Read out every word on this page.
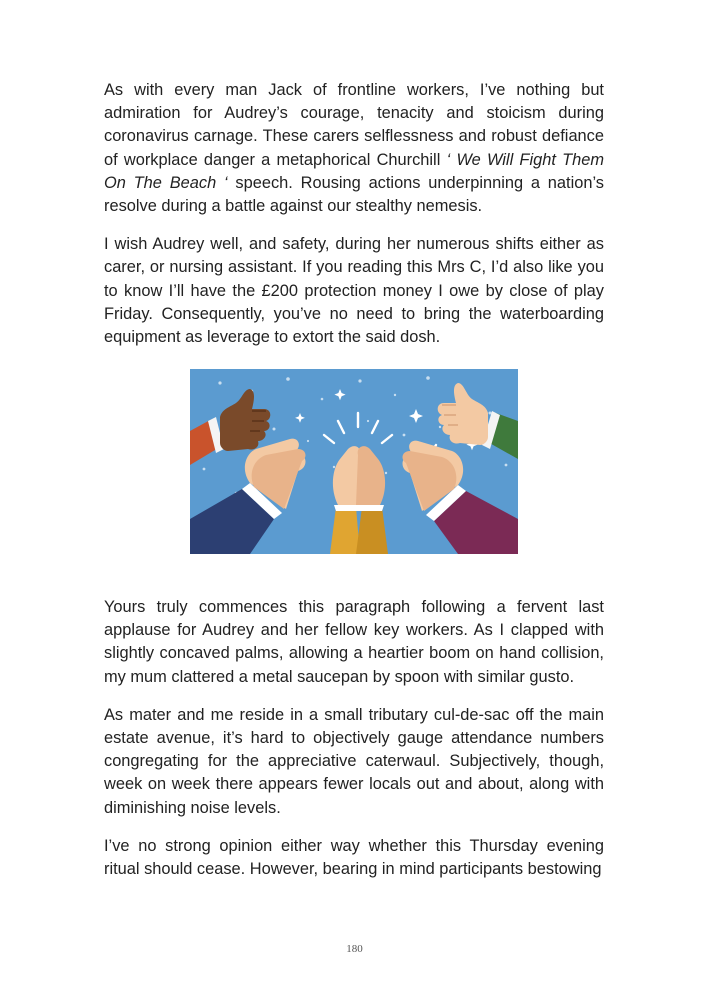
As with every man Jack of frontline workers, I’ve nothing but admiration for Audrey’s courage, tenacity and stoicism during coronavirus carnage. These carers selflessness and robust defiance of workplace danger a metaphorical Churchill ‘ We Will Fight Them On The Beach ‘ speech. Rousing actions underpinning a nation’s resolve during a battle against our stealthy nemesis.

I wish Audrey well, and safety, during her numerous shifts either as carer, or nursing assistant. If you reading this Mrs C, I’d also like you to know I’ll have the £200 protection money I owe by close of play Friday. Consequently, you’ve no need to bring the waterboarding equipment as leverage to extort the said dosh.

Yours truly commences this paragraph following a fervent last applause for Audrey and her fellow key workers. As I clapped with slightly concaved palms, allowing a heartier boom on hand collision, my mum clattered a metal saucepan by spoon with similar gusto.

As mater and me reside in a small tributary cul-de-sac off the main estate avenue, it’s hard to objectively gauge attendance numbers congregating for the appreciative caterwaul. Subjectively, though, week on week there appears fewer locals out and about, along with diminishing noise levels.

I’ve no strong opinion either way whether this Thursday evening ritual should cease. However, bearing in mind participants bestowing

180
